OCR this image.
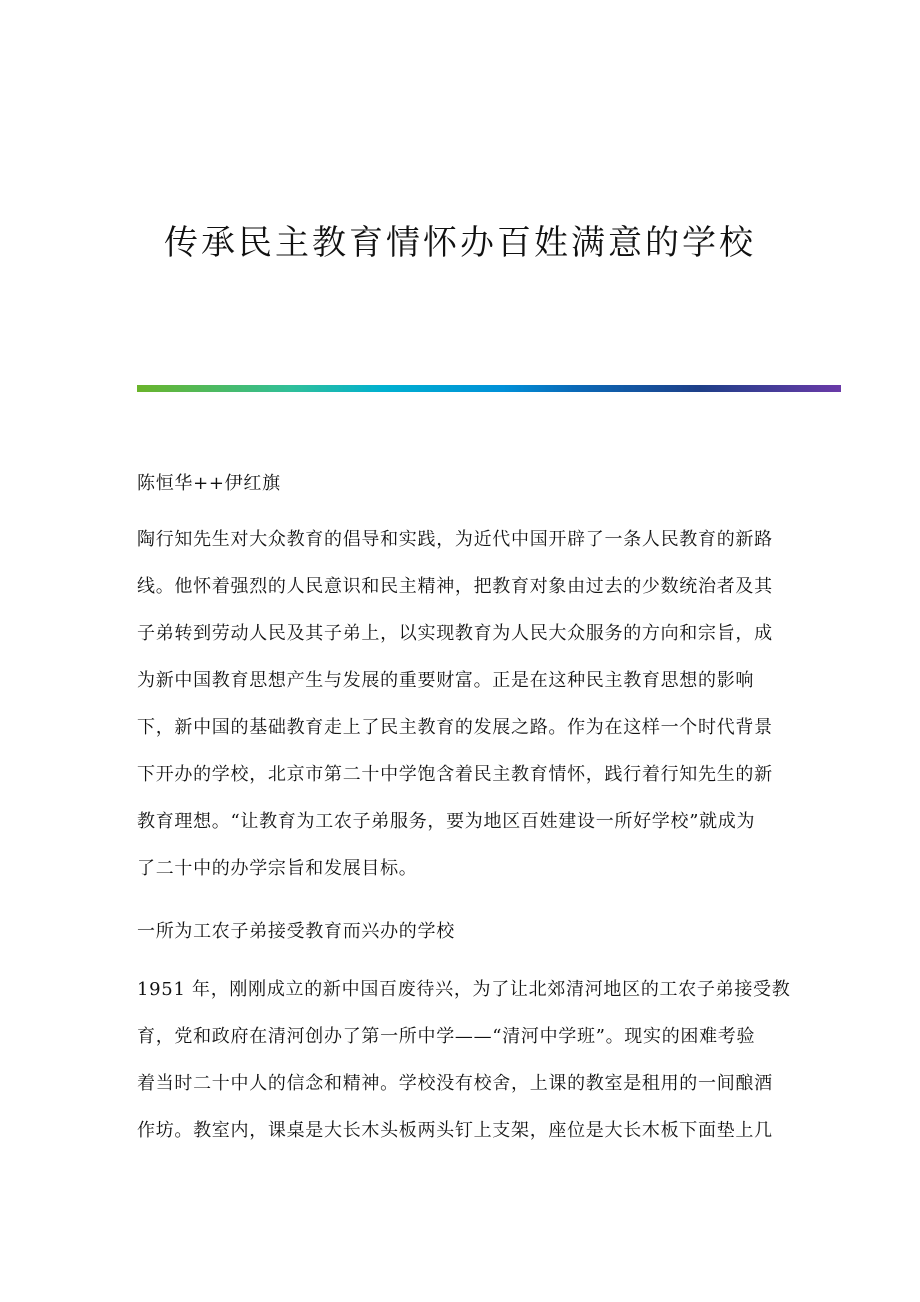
传承民主教育情怀办百姓满意的学校
陈恒华++伊红旗
陶行知先生对大众教育的倡导和实践，为近代中国开辟了一条人民教育的新路
线。他怀着强烈的人民意识和民主精神，把教育对象由过去的少数统治者及其
子弟转到劳动人民及其子弟上，以实现教育为人民大众服务的方向和宗旨，成
为新中国教育思想产生与发展的重要财富。正是在这种民主教育思想的影响
下，新中国的基础教育走上了民主教育的发展之路。作为在这样一个时代背景
下开办的学校，北京市第二十中学饱含着民主教育情怀，践行着行知先生的新
教育理想。“让教育为工农子弟服务，要为地区百姓建设一所好学校”就成为
了二十中的办学宗旨和发展目标。
一所为工农子弟接受教育而兴办的学校
1951 年，刚刚成立的新中国百废待兴，为了让北郊清河地区的工农子弟接受教
育，党和政府在清河创办了第一所中学——“清河中学班”。现实的困难考验
着当时二十中人的信念和精神。学校没有校舍，上课的教室是租用的一间酿酒
作坊。教室内，课桌是大长木头板两头钉上支架，座位是大长木板下面垫上几
